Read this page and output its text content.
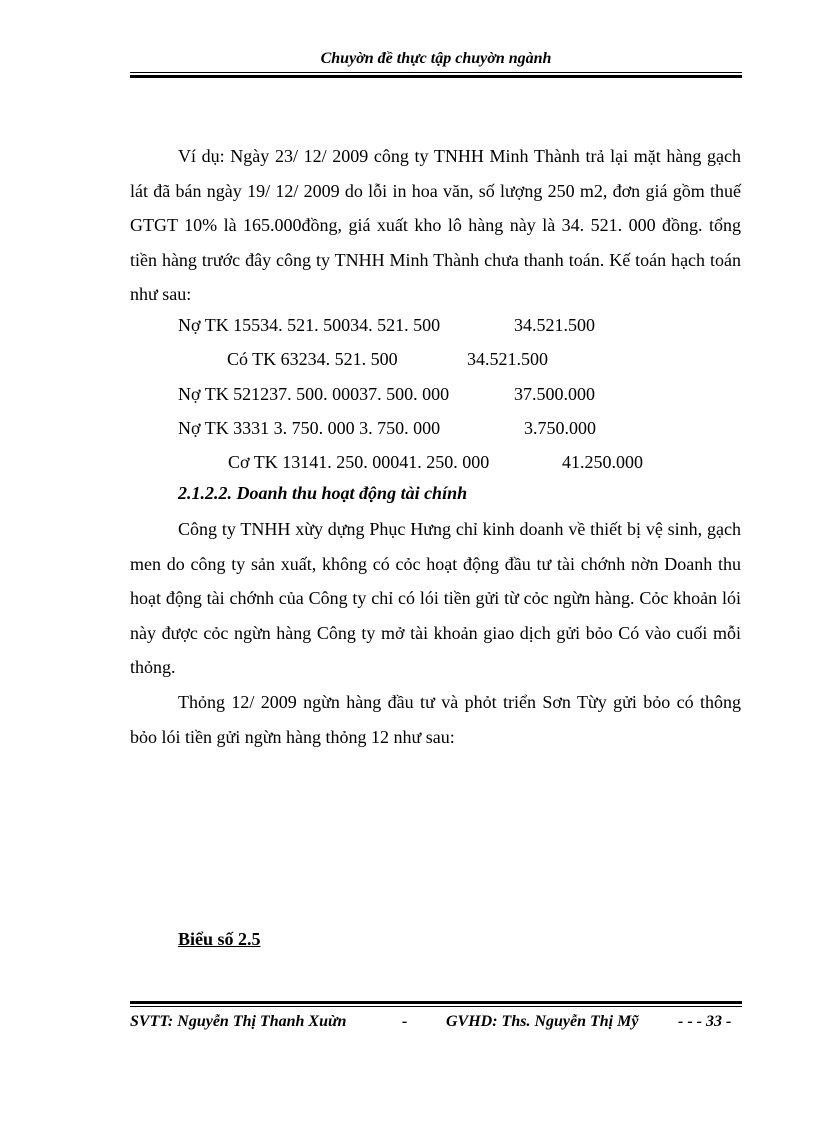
Chuyờn đề thực tập chuyờn ngành
Ví dụ: Ngày 23/ 12/ 2009 công ty TNHH Minh Thành trả lại mặt hàng gạch lát đã bán ngày 19/ 12/ 2009 do lỗi in hoa văn, số lượng 250 m2, đơn giá gồm thuế GTGT 10% là 165.000đồng, giá xuất kho lô hàng này là 34. 521. 000 đồng. tổng tiền hàng trước đây công ty TNHH Minh Thành chưa thanh toán. Kế toán hạch toán như sau:
Nợ TK 15534. 521. 50034. 521. 500	34.521.500
Có TK 63234. 521. 500	34.521.500
Nợ TK 521237. 500. 00037. 500. 000	37.500.000
Nợ TK 3331 3. 750. 000 3. 750. 000	3.750.000
Cơ TK 13141. 250. 00041. 250. 000	41.250.000
2.1.2.2. Doanh thu hoạt động tài chính
Công ty TNHH xừy dựng Phục Hưng chỉ kinh doanh về thiết bị vệ sinh, gạch men do công ty sản xuất, không có cỏc hoạt động đầu tư tài chớnh nờn Doanh thu hoạt động tài chớnh của Công ty chỉ có lói tiền gửi từ cỏc ngừn hàng. Cỏc khoản lói này được cỏc ngừn hàng Công ty mở tài khoản giao dịch gửi bỏo Có vào cuối mỗi thỏng.
Thỏng 12/ 2009 ngừn hàng đầu tư và phỏt triển Sơn Từy gửi bỏo có thông bỏo lói tiền gửi ngừn hàng thỏng 12 như sau:
Biểu số 2.5
SVTT: Nguyễn Thị Thanh Xuừn	- GVHD: Ths. Nguyễn Thị Mỹ - - - 33 -
